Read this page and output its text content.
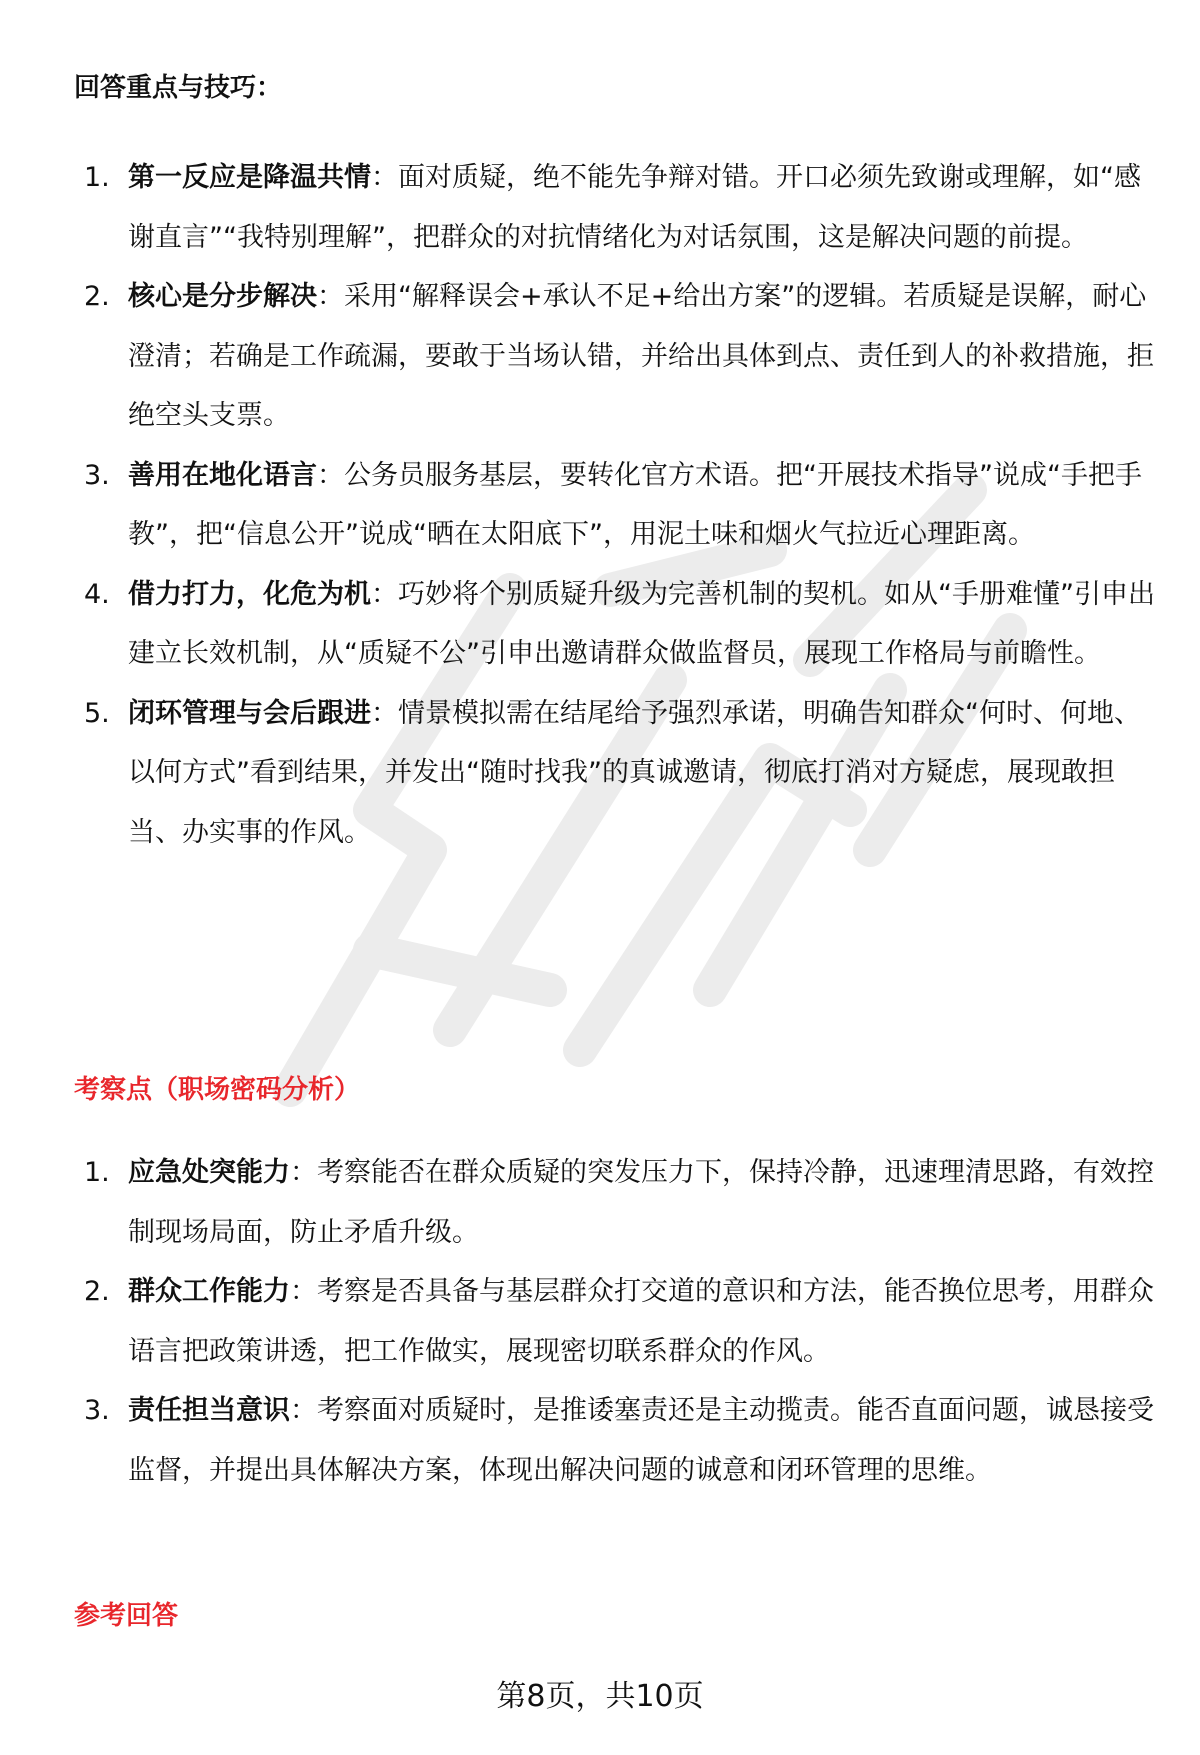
回答重点与技巧：
1. 第一反应是降温共情：面对质疑，绝不能先争辩对错。开口必须先致谢或理解，如“感谢直言”“我特别理解”，把群众的对抗情绪化为对话氛围，这是解决问题的前提。
2. 核心是分步解决：采用“解释误会+承认不足+给出方案”的逻辑。若质疑是误解，耐心澄清；若确是工作疏漏，要敢于当场认错，并给出具体到点、责任到人的补救措施，拒绝空头支票。
3. 善用在地化语言：公务员服务基层，要转化官方术语。把“开展技术指导”说成“手把手教”，把“信息公开”说成“晒在太阳底下”，用泥土味和烟火气拉近心理距离。
4. 借力打力，化危为机：巧妙将个别质疑升级为完善机制的契机。如从“手册难懂”引申出建立长效机制，从“质疑不公”引申出邀请群众做监督员，展现工作格局与前瞻性。
5. 闭环管理与会后跟进：情景模拟需在结尾给予强烈承诺，明确告知群众“何时、何地、以何方式”看到结果，并发出“随时找我”的真诚邀请，彻底打消对方疑虑，展现敢担当、办实事的作风。
考察点（职场密码分析）
1. 应急处突能力：考察能否在群众质疑的突发压力下，保持冷静，迅速理清思路，有效控制现场局面，防止矛盾升级。
2. 群众工作能力：考察是否具备与基层群众打交道的意识和方法，能否换位思考，用群众语言把政策讲透，把工作做实，展现密切联系群众的作风。
3. 责任担当意识：考察面对质疑时，是推诿塞责还是主动揽责。能否直面问题，诚恳接受监督，并提出具体解决方案，体现出解决问题的诚意和闭环管理的思维。
参考回答
第8页，共10页
